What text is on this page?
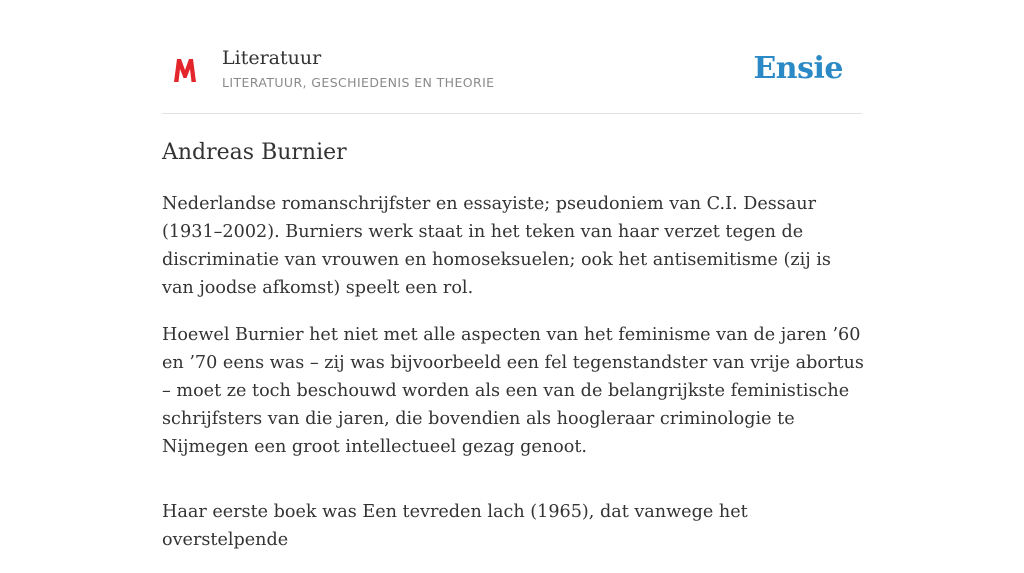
Literatuur
LITERATUUR, GESCHIEDENIS EN THEORIE	Ensie
Andreas Burnier

Nederlandse romanschrijfster en essayiste; pseudoniem van C.I. Dessaur (1931–2002). Burniers werk staat in het teken van haar verzet tegen de discriminatie van vrouwen en homoseksuelen; ook het antisemitisme (zij is van joodse afkomst) speelt een rol.

Hoewel Burnier het niet met alle aspecten van het feminisme van de jaren ’60 en ’70 eens was – zij was bijvoorbeeld een fel tegenstandster van vrije abortus – moet ze toch beschouwd worden als een van de belangrijkste feministische schrijfsters van die jaren, die bovendien als hoogleraar criminologie te Nijmegen een groot intellectueel gezag genoot.

Haar eerste boek was Een tevreden lach (1965), dat vanwege het overstelpende
